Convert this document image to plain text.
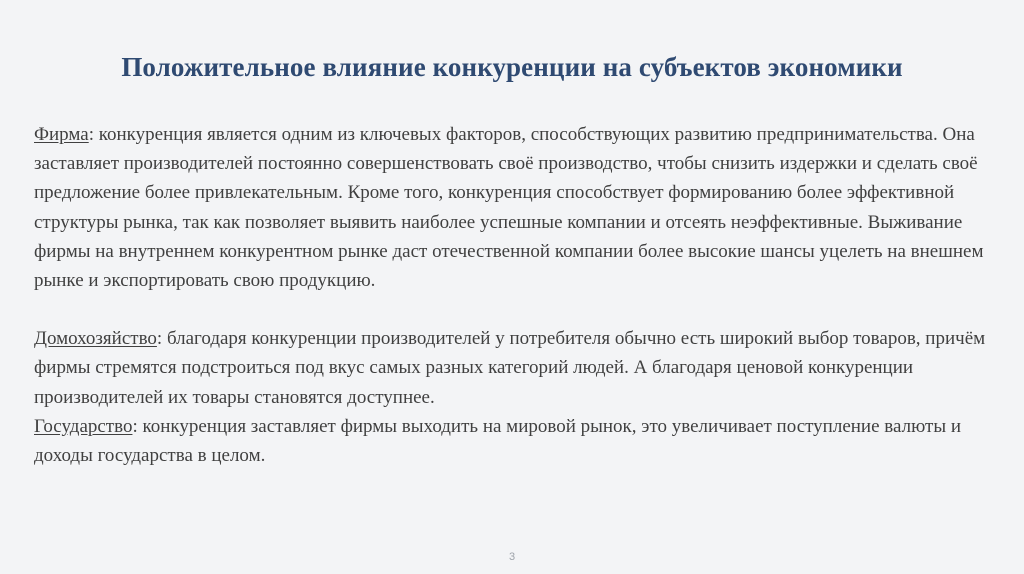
Положительное влияние конкуренции на субъектов экономики

Фирма: конкуренция является одним из ключевых факторов, способствующих развитию предпринимательства. Она заставляет производителей постоянно совершенствовать своё производство, чтобы снизить издержки и сделать своё предложение более привлекательным. Кроме того, конкуренция способствует формированию более эффективной структуры рынка, так как позволяет выявить наиболее успешные компании и отсеять неэффективные. Выживание фирмы на внутреннем конкурентном рынке даст отечественной компании более высокие шансы уцелеть на внешнем рынке и экспортировать свою продукцию.

Домохозяйство: благодаря конкуренции производителей у потребителя обычно есть широкий выбор товаров, причём фирмы стремятся подстроиться под вкус самых разных категорий людей. А благодаря ценовой конкуренции производителей их товары становятся доступнее.

Государство: конкуренция заставляет фирмы выходить на мировой рынок, это увеличивает поступление валюты и доходы государства в целом.

3
